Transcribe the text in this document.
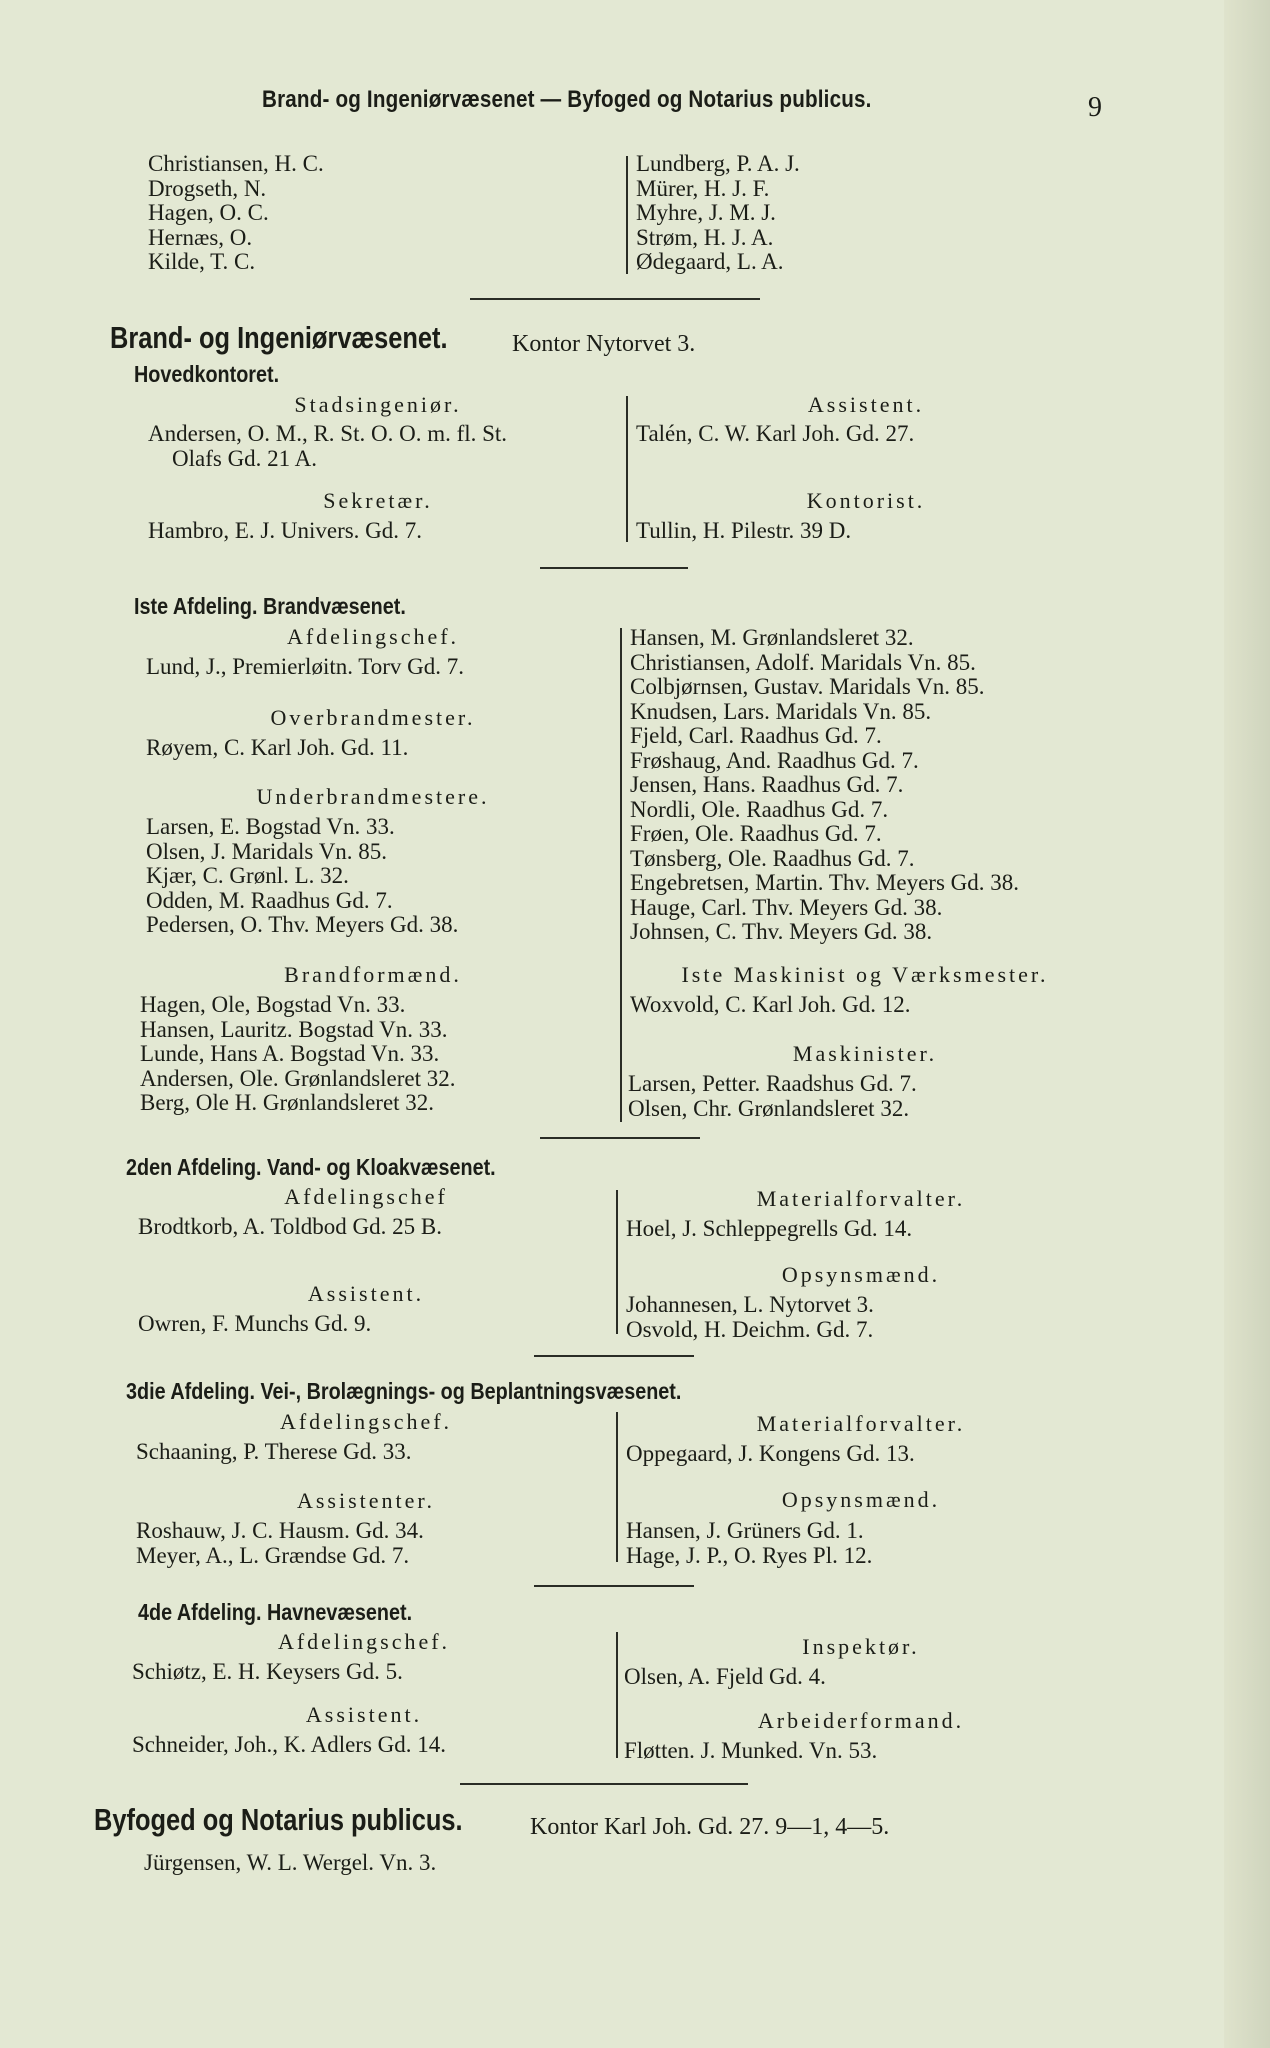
Brand- og Ingeniørvæsenet — Byfoged og Notarius publicus.	9
Christiansen, H. C.
Drogseth, N.
Hagen, O. C.
Hernæs, O.
Kilde, T. C.
Lundberg, P. A. J.
Mürer, H. J. F.
Myhre, J. M. J.
Strøm, H. J. A.
Ødegaard, L. A.
Brand- og Ingeniørvæsenet.	Kontor Nytorvet 3.
Hovedkontoret.
Stadsingeniør.
Andersen, O. M., R. St. O. O. m. fl. St.
Olafs Gd. 21 A.
Sekretær.
Hambro, E. J. Univers. Gd. 7.
Assistent.
Talén, C. W. Karl Joh. Gd. 27.
Kontorist.
Tullin, H. Pilestr. 39 D.
Iste Afdeling. Brandvæsenet.
Afdelingschef.
Lund, J., Premierløitn. Torv Gd. 7.
Overbrandmester.
Røyem, C. Karl Joh. Gd. 11.
Underbrandmestere.
Larsen, E. Bogstad Vn. 33.
Olsen, J. Maridals Vn. 85.
Kjær, C. Grønl. L. 32.
Odden, M. Raadhus Gd. 7.
Pedersen, O. Thv. Meyers Gd. 38.
Brandformænd.
Hagen, Ole, Bogstad Vn. 33.
Hansen, Lauritz. Bogstad Vn. 33.
Lunde, Hans A. Bogstad Vn. 33.
Andersen, Ole. Grønlandsleret 32.
Berg, Ole H. Grønlandsleret 32.
Hansen, M. Grønlandsleret 32.
Christiansen, Adolf. Maridals Vn. 85.
Colbjørnsen, Gustav. Maridals Vn. 85.
Knudsen, Lars. Maridals Vn. 85.
Fjeld, Carl. Raadhus Gd. 7.
Frøshaug, And. Raadhus Gd. 7.
Jensen, Hans. Raadhus Gd. 7.
Nordli, Ole. Raadhus Gd. 7.
Frøen, Ole. Raadhus Gd. 7.
Tønsberg, Ole. Raadhus Gd. 7.
Engebretsen, Martin. Thv. Meyers Gd. 38.
Hauge, Carl. Thv. Meyers Gd. 38.
Johnsen, C. Thv. Meyers Gd. 38.
Iste Maskinist og Værksmester.
Woxvold, C. Karl Joh. Gd. 12.
Maskinister.
Larsen, Petter. Raadshus Gd. 7.
Olsen, Chr. Grønlandsleret 32.
2den Afdeling. Vand- og Kloakvæsenet.
Afdelingschef
Brodtkorb, A. Toldbod Gd. 25 B.
Assistent.
Owren, F. Munchs Gd. 9.
Materialforvalter.
Hoel, J. Schleppegrells Gd. 14.
Opsynsmænd.
Johannesen, L. Nytorvet 3.
Osvold, H. Deichm. Gd. 7.
3die Afdeling. Vei-, Brolægnings- og Beplantningsvæsenet.
Afdelingschef.
Schaaning, P. Therese Gd. 33.
Assistenter.
Roshauw, J. C. Hausm. Gd. 34.
Meyer, A., L. Grændse Gd. 7.
Materialforvalter.
Oppegaard, J. Kongens Gd. 13.
Opsynsmænd.
Hansen, J. Grüners Gd. 1.
Hage, J. P., O. Ryes Pl. 12.
4de Afdeling. Havnevæsenet.
Afdelingschef.
Schiøtz, E. H. Keysers Gd. 5.
Assistent.
Schneider, Joh., K. Adlers Gd. 14.
Inspektør.
Olsen, A. Fjeld Gd. 4.
Arbeiderformand.
Fløtten. J. Munked. Vn. 53.
Byfoged og Notarius publicus.	Kontor Karl Joh. Gd. 27. 9—1, 4—5.
Jürgensen, W. L. Wergel. Vn. 3.
